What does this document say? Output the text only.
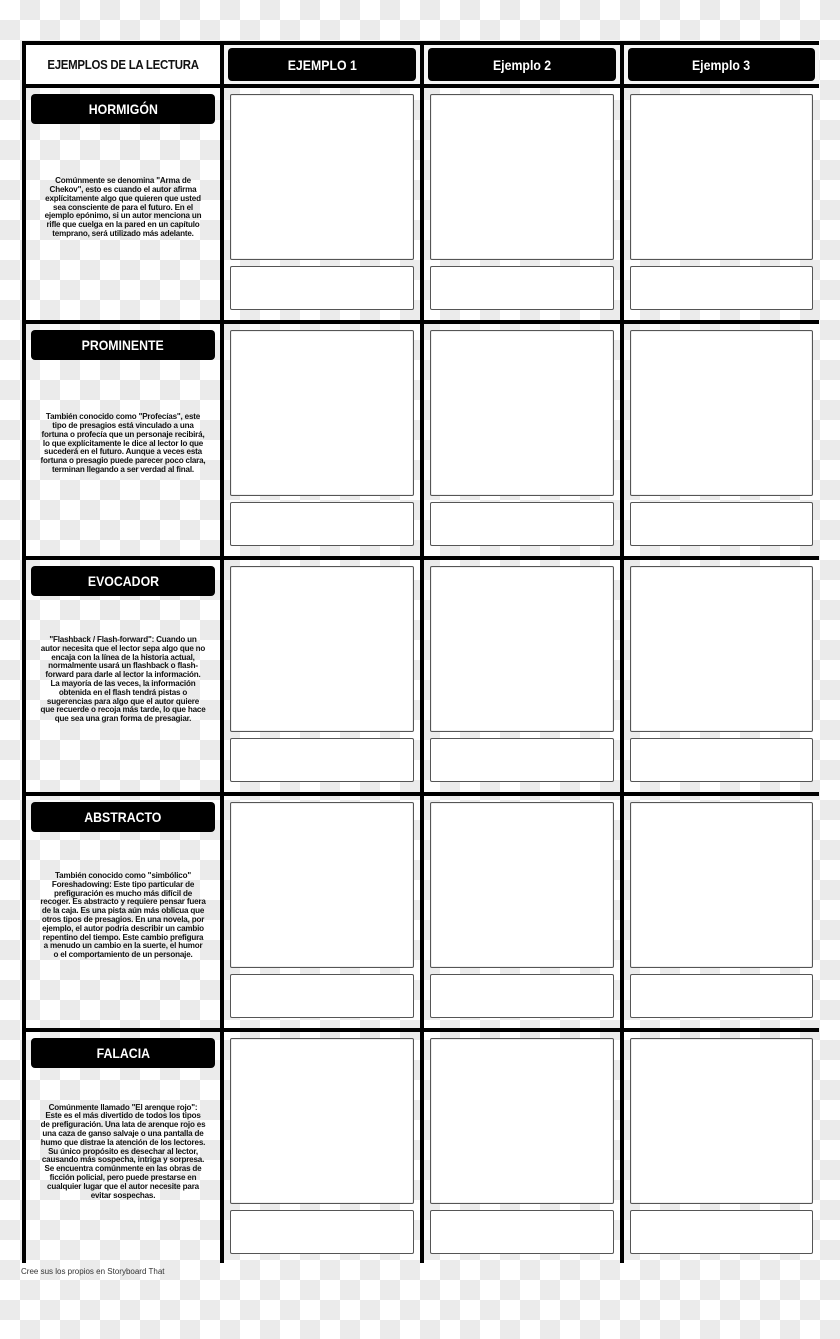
EJEMPLOS DE LA LECTURA	EJEMPLO 1	Ejemplo 2	Ejemplo 3
HORMIGÓN

Comúnmente se denomina "Arma de Chekov", esto es cuando el autor afirma explícitamente algo que quieren que usted sea consciente de para el futuro. En el ejemplo epónimo, si un autor menciona un rifle que cuelga en la pared en un capítulo temprano, será utilizado más adelante.

PROMINENTE

También conocido como "Profecías", este tipo de presagios está vinculado a una fortuna o profecía que un personaje recibirá, lo que explícitamente le dice al lector lo que sucederá en el futuro. Aunque a veces esta fortuna o presagio puede parecer poco clara, terminan llegando a ser verdad al final.

EVOCADOR

"Flashback / Flash-forward": Cuando un autor necesita que el lector sepa algo que no encaja con la línea de la historia actual, normalmente usará un flashback o flash-forward para darle al lector la información. La mayoría de las veces, la información obtenida en el flash tendrá pistas o sugerencias para algo que el autor quiere que recuerde o recoja más tarde, lo que hace que sea una gran forma de presagiar.

ABSTRACTO

También conocido como "simbólico" Foreshadowing: Este tipo particular de prefiguración es mucho más difícil de recoger. Es abstracto y requiere pensar fuera de la caja. Es una pista aún más oblicua que otros tipos de presagios. En una novela, por ejemplo, el autor podría describir un cambio repentino del tiempo. Este cambio prefigura a menudo un cambio en la suerte, el humor o el comportamiento de un personaje.

FALACIA

Comúnmente llamado "El arenque rojo": Este es el más divertido de todos los tipos de prefiguración. Una lata de arenque rojo es una caza de ganso salvaje o una pantalla de humo que distrae la atención de los lectores. Su único propósito es desechar al lector, causando más sospecha, intriga y sorpresa. Se encuentra comúnmente en las obras de ficción policial, pero puede prestarse en cualquier lugar que el autor necesite para evitar sospechas.

Cree sus los propios en Storyboard That
